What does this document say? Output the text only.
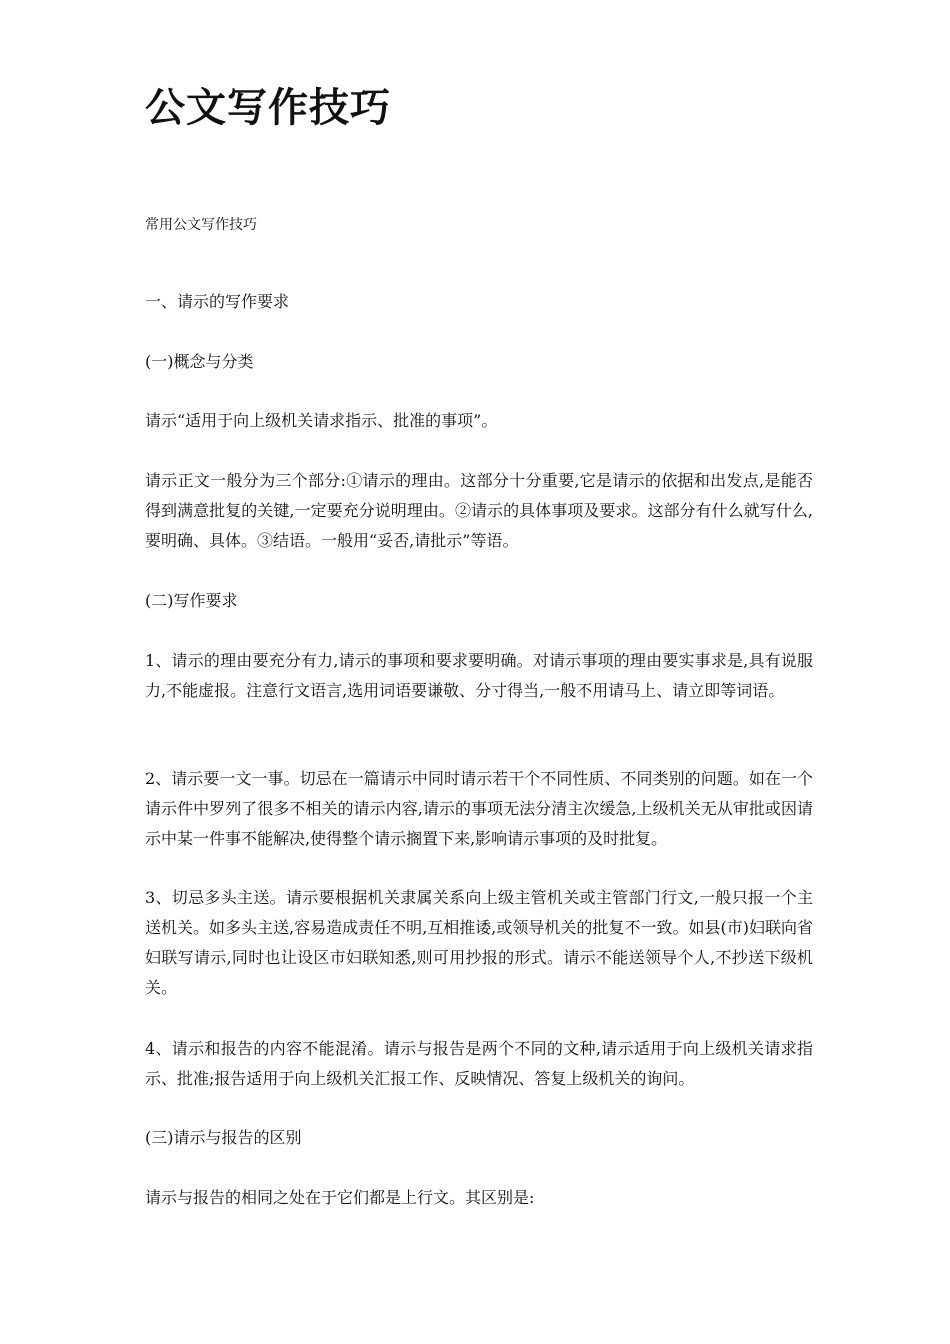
公文写作技巧

常用公文写作技巧

一、请示的写作要求

(一)概念与分类

请示“适用于向上级机关请求指示、批准的事项”。

请示正文一般分为三个部分:①请示的理由。这部分十分重要,它是请示的依据和出发点,是能否得到满意批复的关键,一定要充分说明理由。②请示的具体事项及要求。这部分有什么就写什么,要明确、具体。③结语。一般用“妥否,请批示”等语。

(二)写作要求

1、请示的理由要充分有力,请示的事项和要求要明确。对请示事项的理由要实事求是,具有说服力,不能虚报。注意行文语言,选用词语要谦敬、分寸得当,一般不用请马上、请立即等词语。

2、请示要一文一事。切忌在一篇请示中同时请示若干个不同性质、不同类别的问题。如在一个请示件中罗列了很多不相关的请示内容,请示的事项无法分清主次缓急,上级机关无从审批或因请示中某一件事不能解决,使得整个请示搁置下来,影响请示事项的及时批复。

3、切忌多头主送。请示要根据机关隶属关系向上级主管机关或主管部门行文,一般只报一个主送机关。如多头主送,容易造成责任不明,互相推诿,或领导机关的批复不一致。如县(市)妇联向省妇联写请示,同时也让设区市妇联知悉,则可用抄报的形式。请示不能送领导个人,不抄送下级机关。

4、请示和报告的内容不能混淆。请示与报告是两个不同的文种,请示适用于向上级机关请求指示、批准;报告适用于向上级机关汇报工作、反映情况、答复上级机关的询问。

(三)请示与报告的区别

请示与报告的相同之处在于它们都是上行文。其区别是:
